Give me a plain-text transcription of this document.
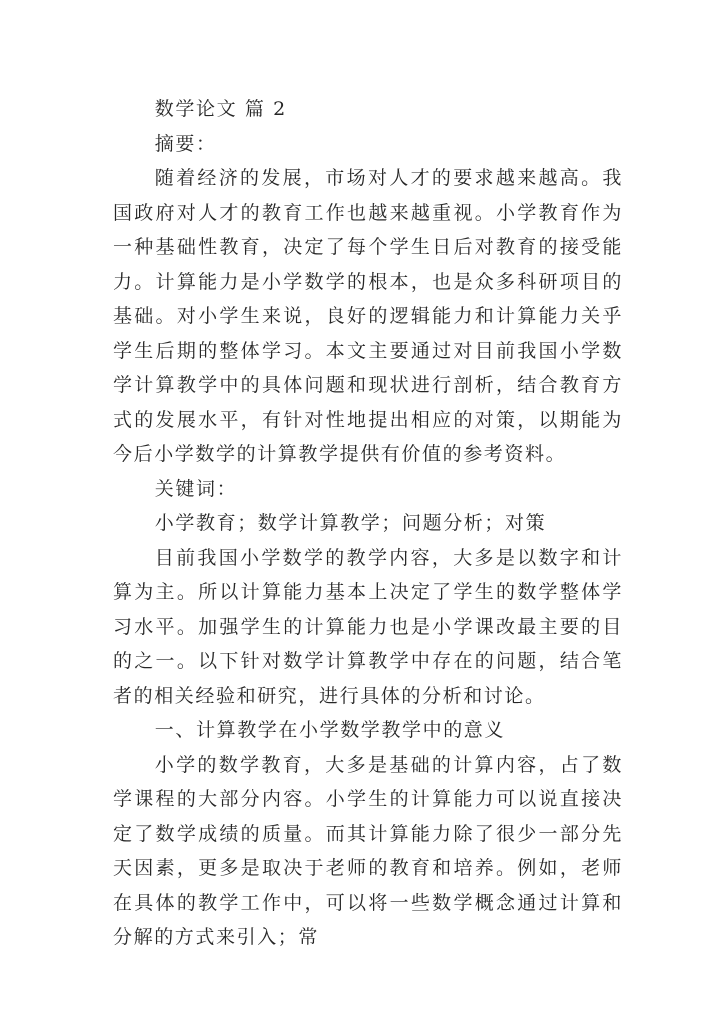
数学论文 篇 2

摘要：

随着经济的发展，市场对人才的要求越来越高。我国政府对人才的教育工作也越来越重视。小学教育作为一种基础性教育，决定了每个学生日后对教育的接受能力。计算能力是小学数学的根本，也是众多科研项目的基础。对小学生来说，良好的逻辑能力和计算能力关乎学生后期的整体学习。本文主要通过对目前我国小学数学计算教学中的具体问题和现状进行剖析，结合教育方式的发展水平，有针对性地提出相应的对策，以期能为今后小学数学的计算教学提供有价值的参考资料。

关键词：

小学教育；数学计算教学；问题分析；对策

目前我国小学数学的教学内容，大多是以数字和计算为主。所以计算能力基本上决定了学生的数学整体学习水平。加强学生的计算能力也是小学课改最主要的目的之一。以下针对数学计算教学中存在的问题，结合笔者的相关经验和研究，进行具体的分析和讨论。

一、计算教学在小学数学教学中的意义

小学的数学教育，大多是基础的计算内容，占了数学课程的大部分内容。小学生的计算能力可以说直接决定了数学成绩的质量。而其计算能力除了很少一部分先天因素，更多是取决于老师的教育和培养。例如，老师在具体的教学工作中，可以将一些数学概念通过计算和分解的方式来引入；常
